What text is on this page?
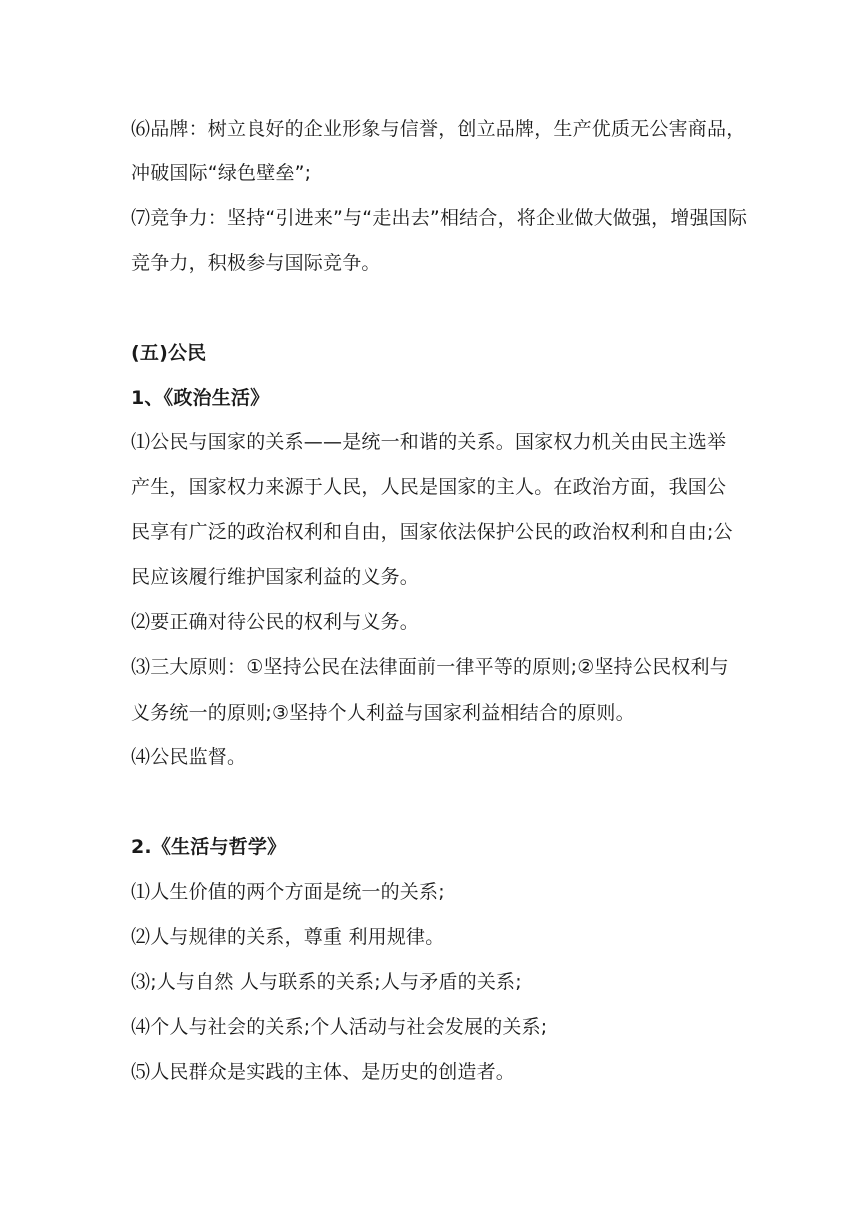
⑹品牌：树立良好的企业形象与信誉，创立品牌，生产优质无公害商品，
冲破国际“绿色壁垒”;
⑺竞争力：坚持“引进来”与“走出去”相结合，将企业做大做强，增强国际
竞争力，积极参与国际竞争。
(五)公民
1、《政治生活》
⑴公民与国家的关系——是统一和谐的关系。国家权力机关由民主选举
产生，国家权力来源于人民，人民是国家的主人。在政治方面，我国公
民享有广泛的政治权利和自由，国家依法保护公民的政治权利和自由;公
民应该履行维护国家利益的义务。
⑵要正确对待公民的权利与义务。
⑶三大原则：①坚持公民在法律面前一律平等的原则;②坚持公民权利与
义务统一的原则;③坚持个人利益与国家利益相结合的原则。
⑷公民监督。
2.《生活与哲学》
⑴人生价值的两个方面是统一的关系;
⑵人与规律的关系，尊重 利用规律。
⑶;人与自然 人与联系的关系;人与矛盾的关系;
⑷个人与社会的关系;个人活动与社会发展的关系;
⑸人民群众是实践的主体、是历史的创造者。
